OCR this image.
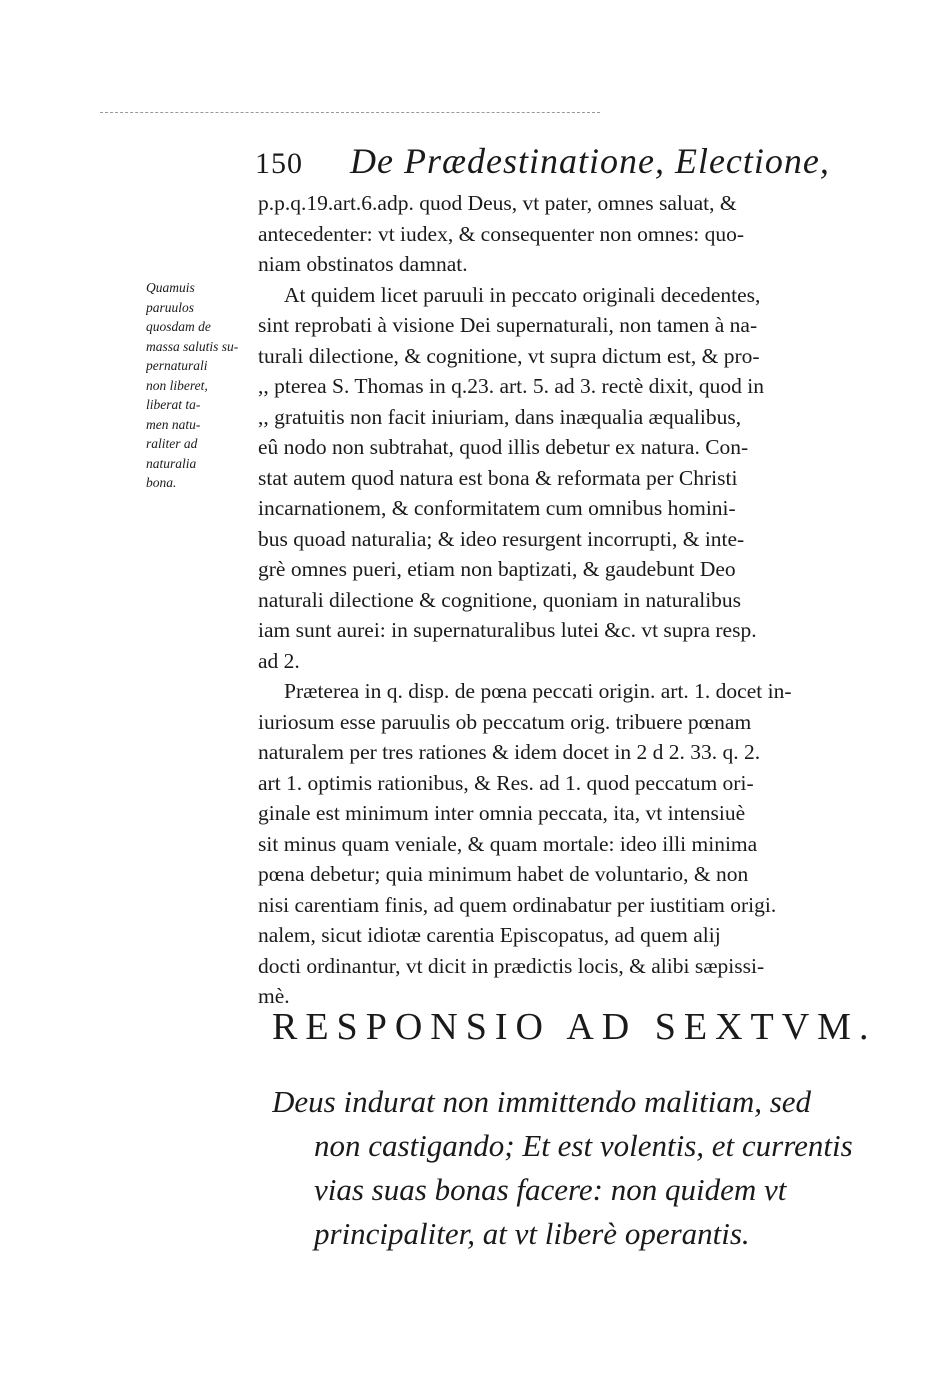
150	De Prædestinatione, Electione,
Quamuis
paruulos
quosdam de
massa salutis su-
pernaturali
non liberet,
liberat ta-
men natu-
raliter ad
naturalia
bona.

p.p.q.19.art.6.adp. quod Deus, vt pater, omnes saluat, &
antecedenter: vt iudex, & consequenter non omnes: quo-
niam obstinatos damnat.

At quidem licet paruuli in peccato originali decedentes,
sint reprobati à visione Dei supernaturali, non tamen à na-
turali dilectione, & cognitione, vt supra dictum est, & pro-
,, pterea S. Thomas in q.23. art. 5. ad 3. rectè dixit, quod in
,, gratuitis non facit iniuriam, dans inæqualia æqualibus,
eû nodo non subtrahat, quod illis debetur ex natura. Con-
stat autem quod natura est bona & reformata per Christi
incarnationem, & conformitatem cum omnibus homini-
bus quoad naturalia; & ideo resurgent incorrupti, & inte-
grè omnes pueri, etiam non baptizati, & gaudebunt Deo
naturali dilectione & cognitione, quoniam in naturalibus
iam sunt aurei: in supernaturalibus lutei &c. vt supra resp.
ad 2.

Præterea in q. disp. de pœna peccati origin. art. 1. docet in-
iuriosum esse paruulis ob peccatum orig. tribuere pœnam
naturalem per tres rationes & idem docet in 2 d 2. 33. q. 2.
art 1. optimis rationibus, & Res. ad 1. quod peccatum ori-
ginale est minimum inter omnia peccata, ita, vt intensiuè
sit minus quam veniale, & quam mortale: ideo illi minima
pœna debetur; quia minimum habet de voluntario, & non
nisi carentiam finis, ad quem ordinabatur per iustitiam origi.
nalem, sicut idiotæ carentia Episcopatus, ad quem alij
docti ordinantur, vt dicit in prædictis locis, & alibi sæpissi-
mè.

RESPONSIO AD SEXTVM.
Deus indurat non immittendo malitiam, sed
non castigando; Et est volentis, et currentis
vias suas bonas facere: non quidem vt
principaliter, at vt liberè operantis.
